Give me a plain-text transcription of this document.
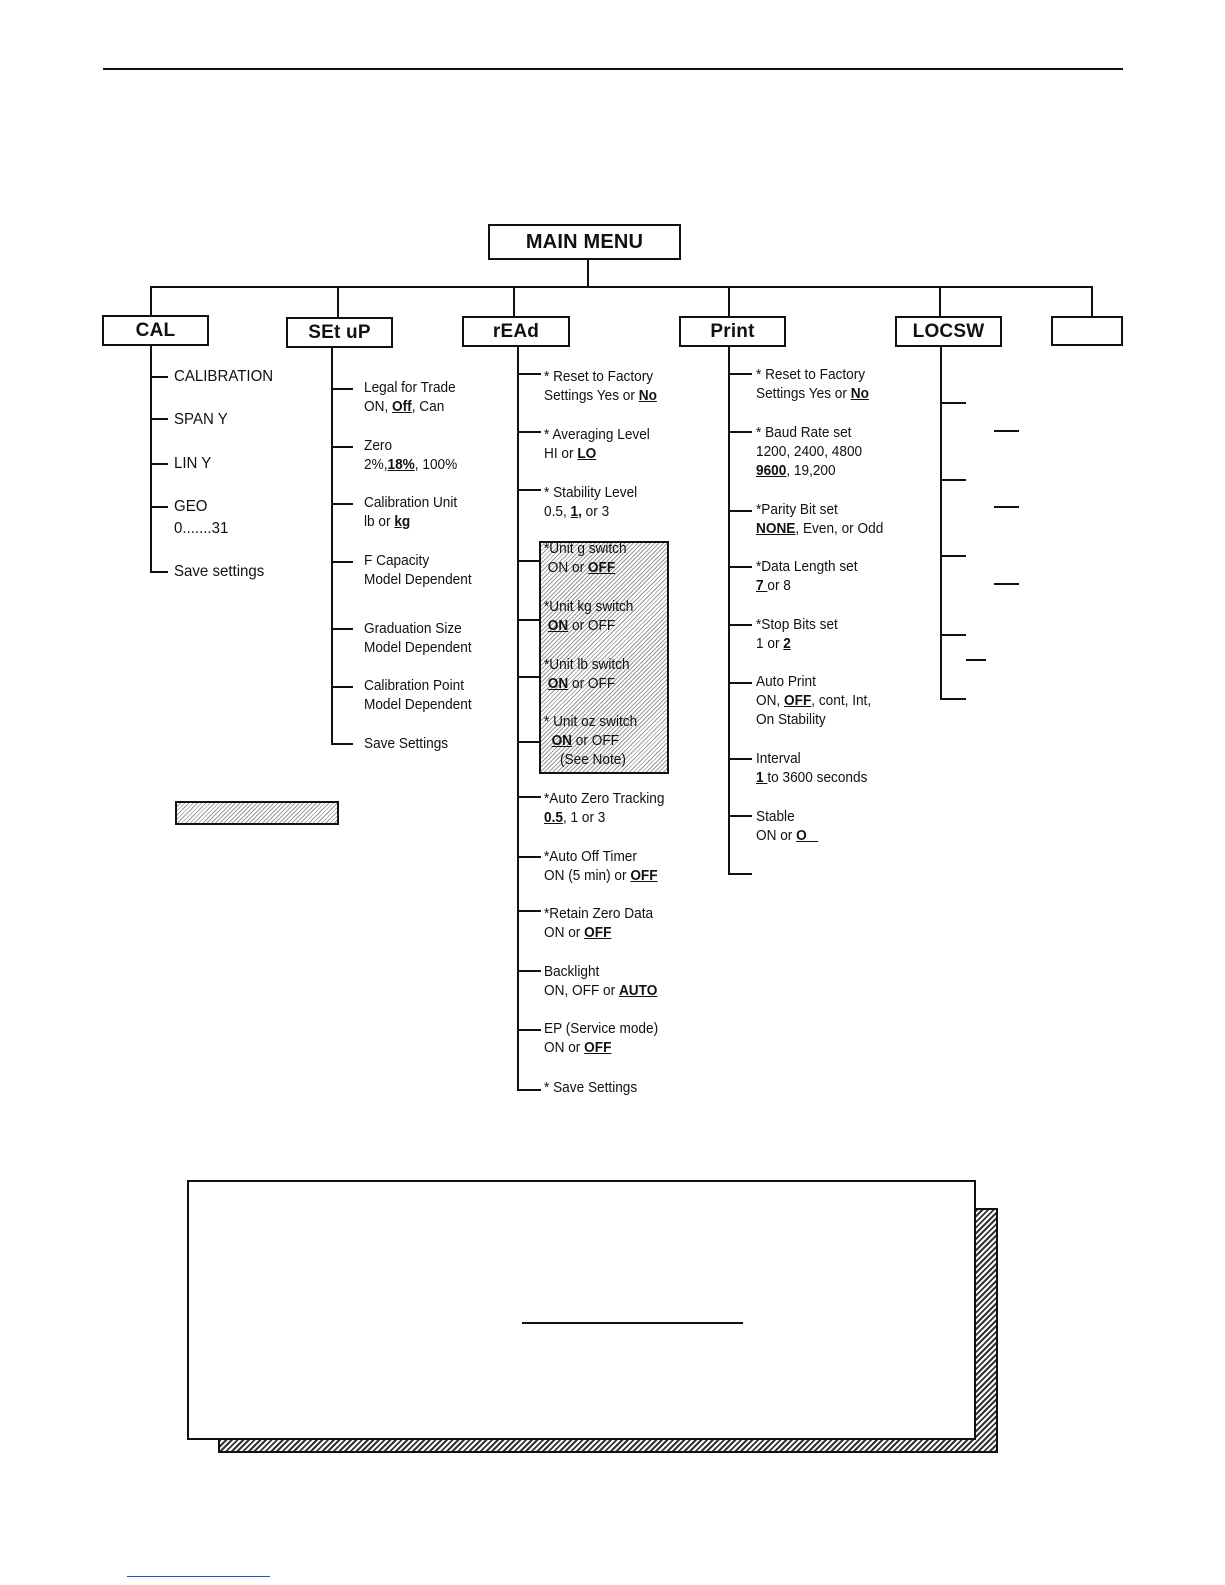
MAIN MENU
CAL	SEt uP	rEAd	Print	LOCSW
CALIBRATION
SPAN Y
LIN Y
GEO
0.......31
Save settings
Legal for Trade
ON, Off, Can
Zero
2%,18%, 100%
Calibration Unit
lb or kg
F Capacity
Model Dependent
Graduation Size
Model Dependent
Calibration Point
Model Dependent
Save Settings
* Reset to Factory
Settings Yes or No
* Averaging Level
HI or LO
* Stability Level
0.5, 1, or 3
*Unit g switch
ON or OFF
*Unit kg switch
ON or OFF
*Unit lb switch
ON or OFF
* Unit oz switch
ON or OFF
(See Note)
*Auto Zero Tracking
0.5, 1 or 3
*Auto Off Timer
ON (5 min) or OFF
*Retain Zero Data
ON or OFF
Backlight
ON, OFF or AUTO
EP (Service mode)
ON or OFF
* Save Settings
* Reset to Factory
Settings Yes or No
* Baud Rate set
1200, 2400, 4800
9600, 19,200
*Parity Bit set
NONE, Even, or Odd
*Data Length set
7 or 8
*Stop Bits set
1 or 2
Auto Print
ON, OFF, cont, Int,
On Stability
Interval
1 to 3600 seconds
Stable
ON or O
